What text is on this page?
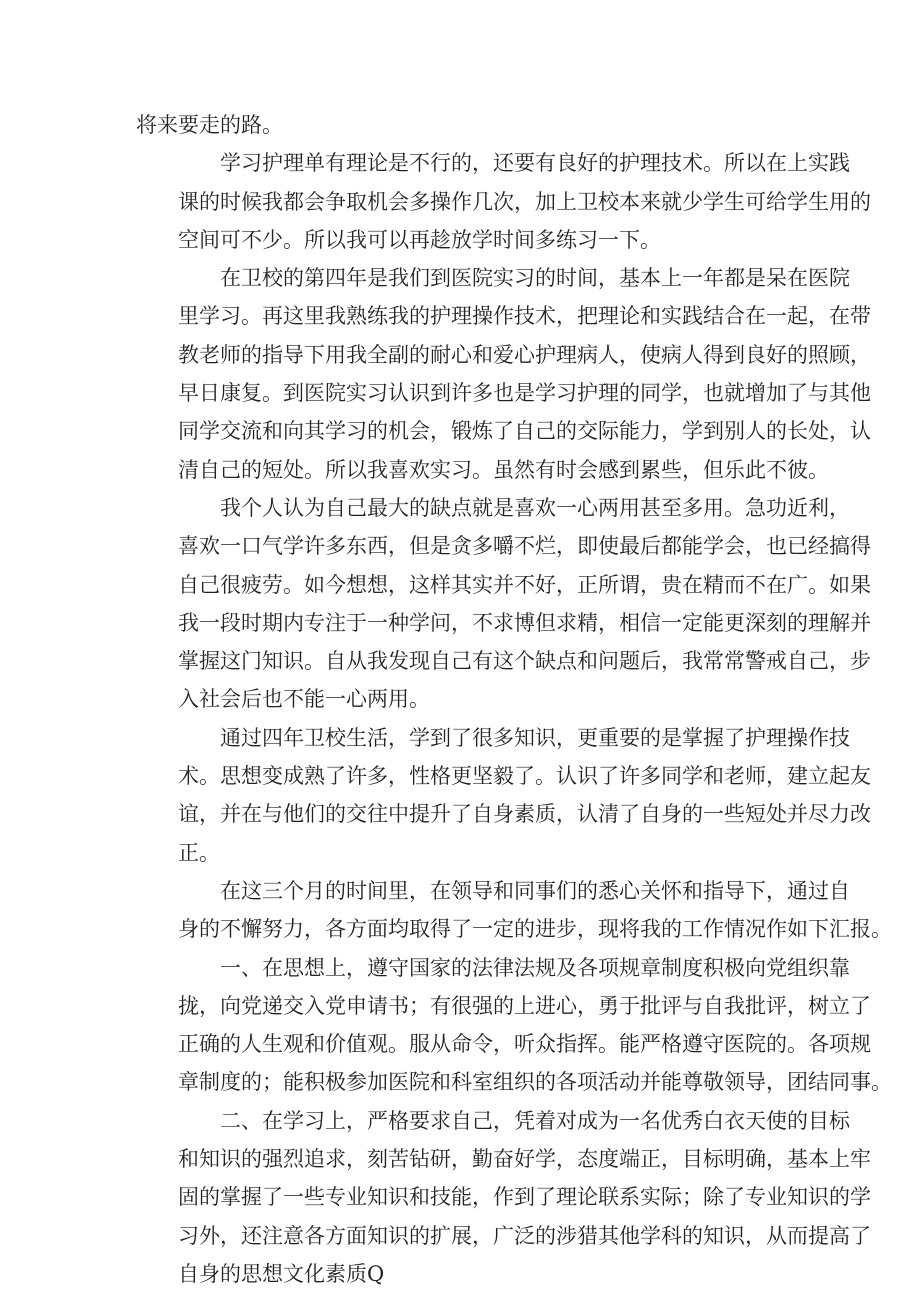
将来要走的路。
学习护理单有理论是不行的，还要有良好的护理技术。所以在上实践
课的时候我都会争取机会多操作几次，加上卫校本来就少学生可给学生用的
空间可不少。所以我可以再趁放学时间多练习一下。
在卫校的第四年是我们到医院实习的时间，基本上一年都是呆在医院
里学习。再这里我熟练我的护理操作技术，把理论和实践结合在一起，在带
教老师的指导下用我全副的耐心和爱心护理病人，使病人得到良好的照顾，
早日康复。到医院实习认识到许多也是学习护理的同学，也就增加了与其他
同学交流和向其学习的机会，锻炼了自己的交际能力，学到别人的长处，认
清自己的短处。所以我喜欢实习。虽然有时会感到累些，但乐此不彼。
我个人认为自己最大的缺点就是喜欢一心两用甚至多用。急功近利，
喜欢一口气学许多东西，但是贪多嚼不烂，即使最后都能学会，也已经搞得
自己很疲劳。如今想想，这样其实并不好，正所谓，贵在精而不在广。如果
我一段时期内专注于一种学问，不求博但求精，相信一定能更深刻的理解并
掌握这门知识。自从我发现自己有这个缺点和问题后，我常常警戒自己，步
入社会后也不能一心两用。
通过四年卫校生活，学到了很多知识，更重要的是掌握了护理操作技
术。思想变成熟了许多，性格更坚毅了。认识了许多同学和老师，建立起友
谊，并在与他们的交往中提升了自身素质，认清了自身的一些短处并尽力改
正。
在这三个月的时间里，在领导和同事们的悉心关怀和指导下，通过自
身的不懈努力，各方面均取得了一定的进步，现将我的工作情况作如下汇报。
一、在思想上，遵守国家的法律法规及各项规章制度积极向党组织靠
拢，向党递交入党申请书；有很强的上进心，勇于批评与自我批评，树立了
正确的人生观和价值观。服从命令，听众指挥。能严格遵守医院的。各项规
章制度的；能积极参加医院和科室组织的各项活动并能尊敬领导，团结同事。
二、在学习上，严格要求自己，凭着对成为一名优秀白衣天使的目标
和知识的强烈追求，刻苦钻研，勤奋好学，态度端正，目标明确，基本上牢
固的掌握了一些专业知识和技能，作到了理论联系实际；除了专业知识的学
习外，还注意各方面知识的扩展，广泛的涉猎其他学科的知识，从而提高了
自身的思想文化素质Q
